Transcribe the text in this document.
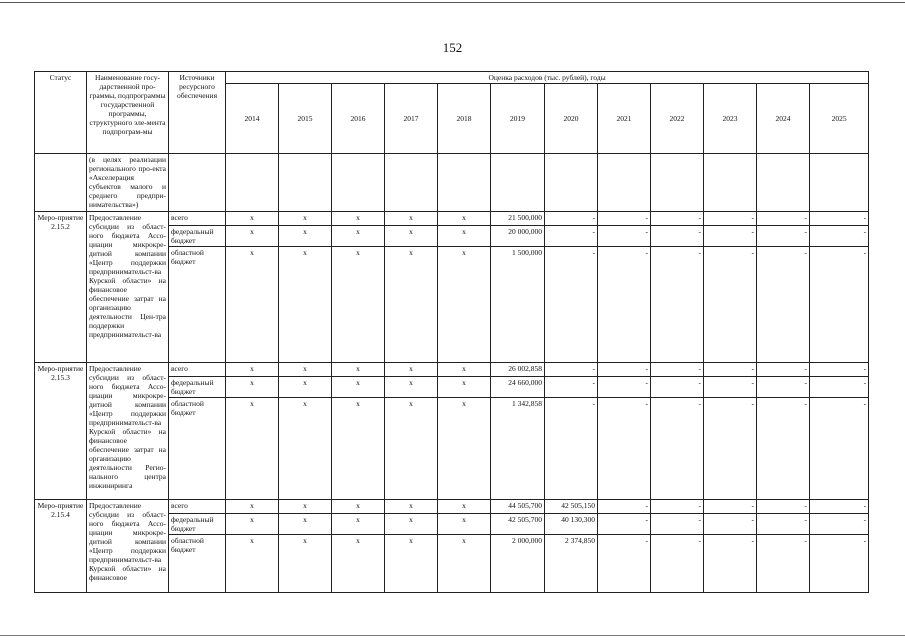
152
Статус	Наименование госу-дарственной про-граммы, подпрограммы государственной программы, структурного эле-мента подпрограм-мы	Источники ресурсного обеспечения	Оценка расходов (тыс. рублей), годы											
			2014	2015	2016	2017	2018	2019	2020	2021	2022	2023	2024	2025
	(в целях реализации регионального про-екта «Акселерация субъектов малого и среднего предпри-нимательства»)													
Меро-приятие 2.15.2	Предоставление субсидии из област-ного бюджета Ассо-циации микрокре-дитной компании «Центр поддержки предпринимательст-ва Курской области» на финансовое обеспечение затрат на организацию деятельности Цен-тра поддержки предпринимательст-ва	всего	x	x	x	x	x	21 500,000	-	-	-	-	-	-
		федеральный бюджет	x	x	x	x	x	20 000,000	-	-	-	-	-	-
		областной бюджет	x	x	x	x	x	1 500,000	-	-	-	-	-	-
Меро-приятие 2.15.3	Предоставление субсидии из област-ного бюджета Ассо-циации микрокре-дитной компании «Центр поддержки предпринимательст-ва Курской области» на финансовое обеспечение затрат на организацию деятельности Регио-нального центра инжиниринга	всего	x	x	x	x	x	26 002,858	-	-	-	-	-	-
		федеральный бюджет	x	x	x	x	x	24 660,000	-	-	-	-	-	-
		областной бюджет	x	x	x	x	x	1 342,858	-	-	-	-	-	-
Меро-приятие 2.15.4	Предоставление субсидии из област-ного бюджета Ассо-циации микрокре-дитной компании «Центр поддержки предпринимательст-ва Курской области» на финансовое	всего	x	x	x	x	x	44 505,700	42 505,150	-	-	-	-	-
		федеральный бюджет	x	x	x	x	x	42 505,700	40 130,300	-	-	-	-	-
		областной бюджет	x	x	x	x	x	2 000,000	2 374,850	-	-	-	-	-
